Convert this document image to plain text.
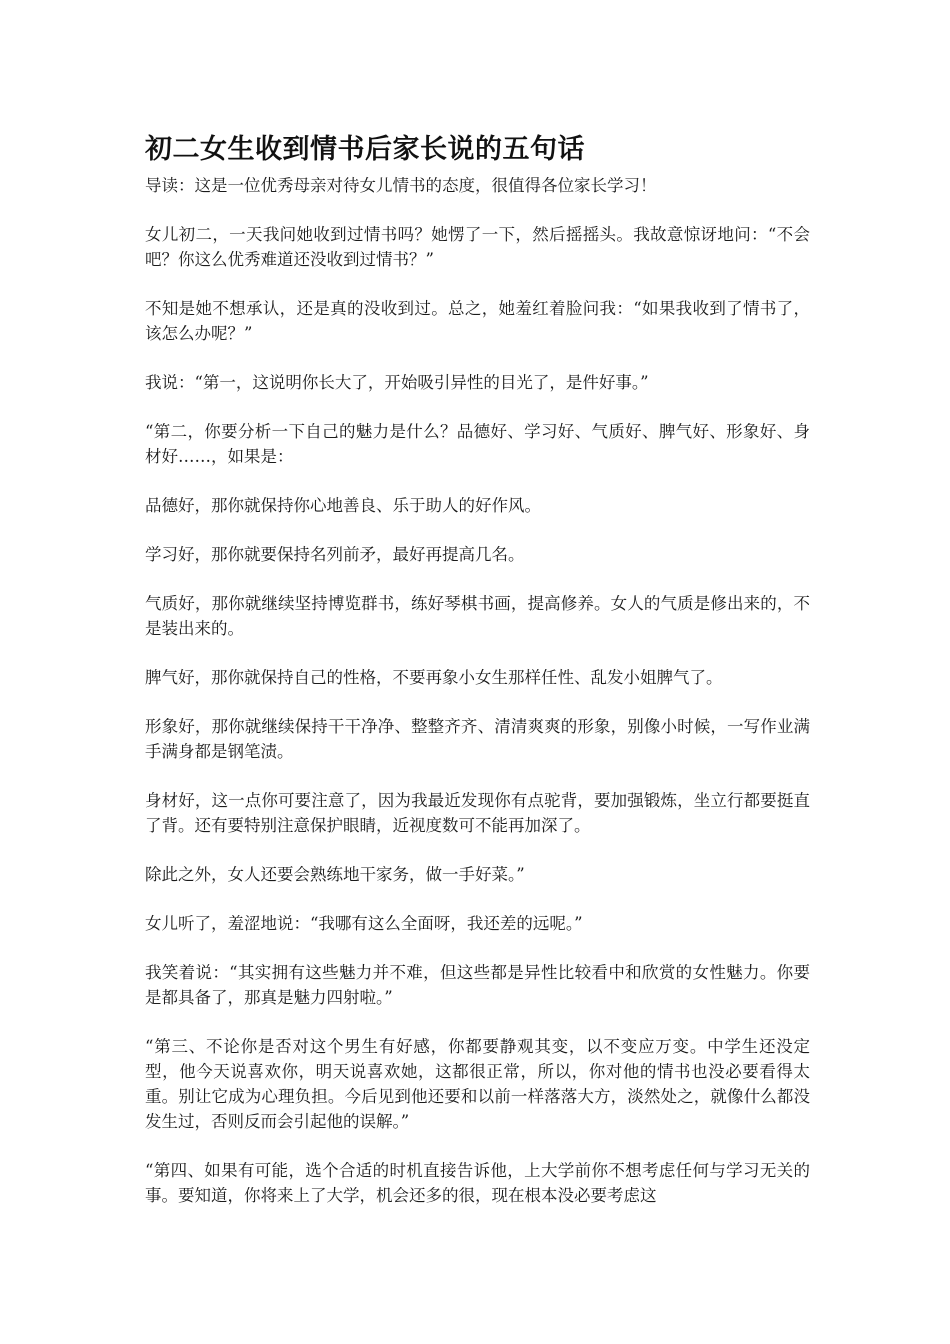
初二女生收到情书后家长说的五句话

导读：这是一位优秀母亲对待女儿情书的态度，很值得各位家长学习！

女儿初二，一天我问她收到过情书吗？她愣了一下，然后摇摇头。我故意惊讶地问：“不会吧？你这么优秀难道还没收到过情书？”

不知是她不想承认，还是真的没收到过。总之，她羞红着脸问我：“如果我收到了情书了，该怎么办呢？”

我说：“第一，这说明你长大了，开始吸引异性的目光了，是件好事。”

“第二，你要分析一下自己的魅力是什么？品德好、学习好、气质好、脾气好、形象好、身材好……，如果是：

品德好，那你就保持你心地善良、乐于助人的好作风。

学习好，那你就要保持名列前矛，最好再提高几名。

气质好，那你就继续坚持博览群书，练好琴棋书画，提高修养。女人的气质是修出来的，不是装出来的。

脾气好，那你就保持自己的性格，不要再象小女生那样任性、乱发小姐脾气了。

形象好，那你就继续保持干干净净、整整齐齐、清清爽爽的形象，别像小时候，一写作业满手满身都是钢笔渍。

身材好，这一点你可要注意了，因为我最近发现你有点驼背，要加强锻炼，坐立行都要挺直了背。还有要特别注意保护眼睛，近视度数可不能再加深了。

除此之外，女人还要会熟练地干家务，做一手好菜。”

女儿听了，羞涩地说：“我哪有这么全面呀，我还差的远呢。”

我笑着说：“其实拥有这些魅力并不难，但这些都是异性比较看中和欣赏的女性魅力。你要是都具备了，那真是魅力四射啦。”

“第三、不论你是否对这个男生有好感，你都要静观其变，以不变应万变。中学生还没定型，他今天说喜欢你，明天说喜欢她，这都很正常，所以，你对他的情书也没必要看得太重。别让它成为心理负担。今后见到他还要和以前一样落落大方，淡然处之，就像什么都没发生过，否则反而会引起他的误解。”

“第四、如果有可能，选个合适的时机直接告诉他，上大学前你不想考虑任何与学习无关的事。要知道，你将来上了大学，机会还多的很，现在根本没必要考虑这
